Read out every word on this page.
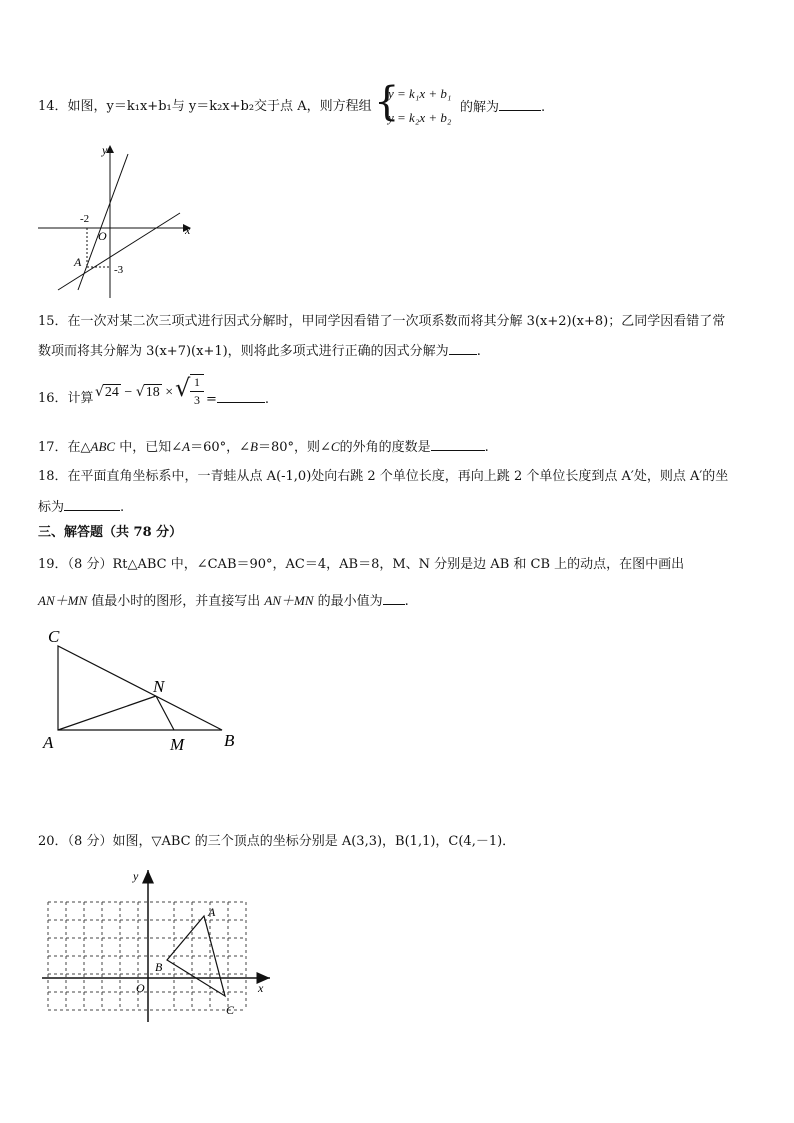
14．如图，y＝k₁x+b₁与 y＝k₂x+b₂交于点 A，则方程组 {
y = k₁x + b₁
y = k₂x + b₂
的解为	.
y
x
O
A
-2
-3
15．在一次对某二次三项式进行因式分解时，甲同学因看错了一次项系数而将其分解 3(x+2)(x+8)；乙同学因看错了常
数项而将其分解为 3(x+7)(x+1)，则将此多项式进行正确的因式分解为 .
16．计算 √24 − √18 × √ 1
3 =	.
17．在△ABC 中，已知∠A＝60°，∠B＝80°，则∠C的外角的度数是	.
18．在平面直角坐标系中，一青蛙从点 A(-1,0)处向右跳 2 个单位长度，再向上跳 2 个单位长度到点 A′处，则点 A′的坐
标为	.
三、解答题（共 78 分）
19．（8 分）Rt△ABC 中，∠CAB＝90°，AC＝4，AB＝8，M、N 分别是边 AB 和 CB 上的动点，在图中画出
AN＋MN 值最小时的图形，并直接写出 AN＋MN 的最小值为 .
C
N
A	M B
20．（8 分）如图，▽ABC 的三个顶点的坐标分别是 A(3,3)，B(1,1)，C(4,－1)．
y
x
O
A
B
C
